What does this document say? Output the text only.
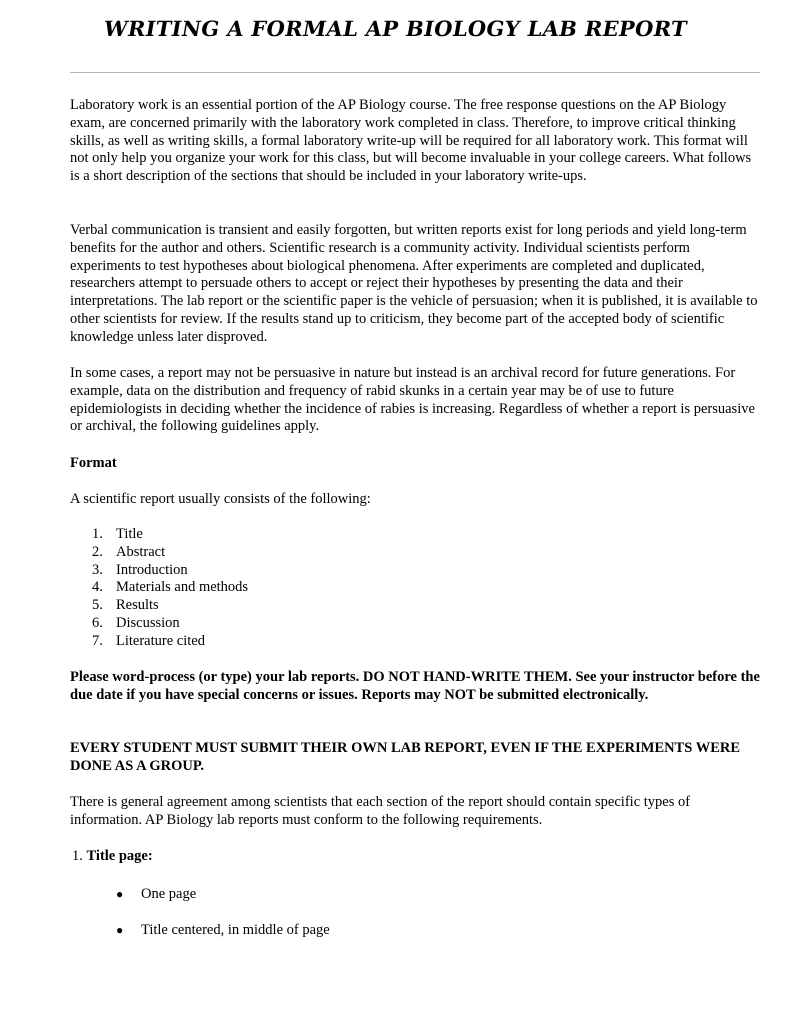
WRITING A FORMAL AP BIOLOGY LAB REPORT

Laboratory work is an essential portion of the AP Biology course. The free response questions on the AP Biology exam, are concerned primarily with the laboratory work completed in class. Therefore, to improve critical thinking skills, as well as writing skills, a formal laboratory write-up will be required for all laboratory work. This format will not only help you organize your work for this class, but will become invaluable in your college careers. What follows is a short description of the sections that should be included in your laboratory write-ups.

Verbal communication is transient and easily forgotten, but written reports exist for long periods and yield long-term benefits for the author and others. Scientific research is a community activity. Individual scientists perform experiments to test hypotheses about biological phenomena. After experiments are completed and duplicated, researchers attempt to persuade others to accept or reject their hypotheses by presenting the data and their interpretations. The lab report or the scientific paper is the vehicle of persuasion; when it is published, it is available to other scientists for review. If the results stand up to criticism, they become part of the accepted body of scientific knowledge unless later disproved.

In some cases, a report may not be persuasive in nature but instead is an archival record for future generations. For example, data on the distribution and frequency of rabid skunks in a certain year may be of use to future epidemiologists in deciding whether the incidence of rabies is increasing. Regardless of whether a report is persuasive or archival, the following guidelines apply.

Format

A scientific report usually consists of the following:

1. Title
2. Abstract
3. Introduction
4. Materials and methods
5. Results
6. Discussion
7. Literature cited

Please word-process (or type) your lab reports. DO NOT HAND-WRITE THEM. See your instructor before the due date if you have special concerns or issues. Reports may NOT be submitted electronically.

EVERY STUDENT MUST SUBMIT THEIR OWN LAB REPORT, EVEN IF THE EXPERIMENTS WERE DONE AS A GROUP.

There is general agreement among scientists that each section of the report should contain specific types of information. AP Biology lab reports must conform to the following requirements.

1. Title page:
●	One page
●	Title centered, in middle of page
